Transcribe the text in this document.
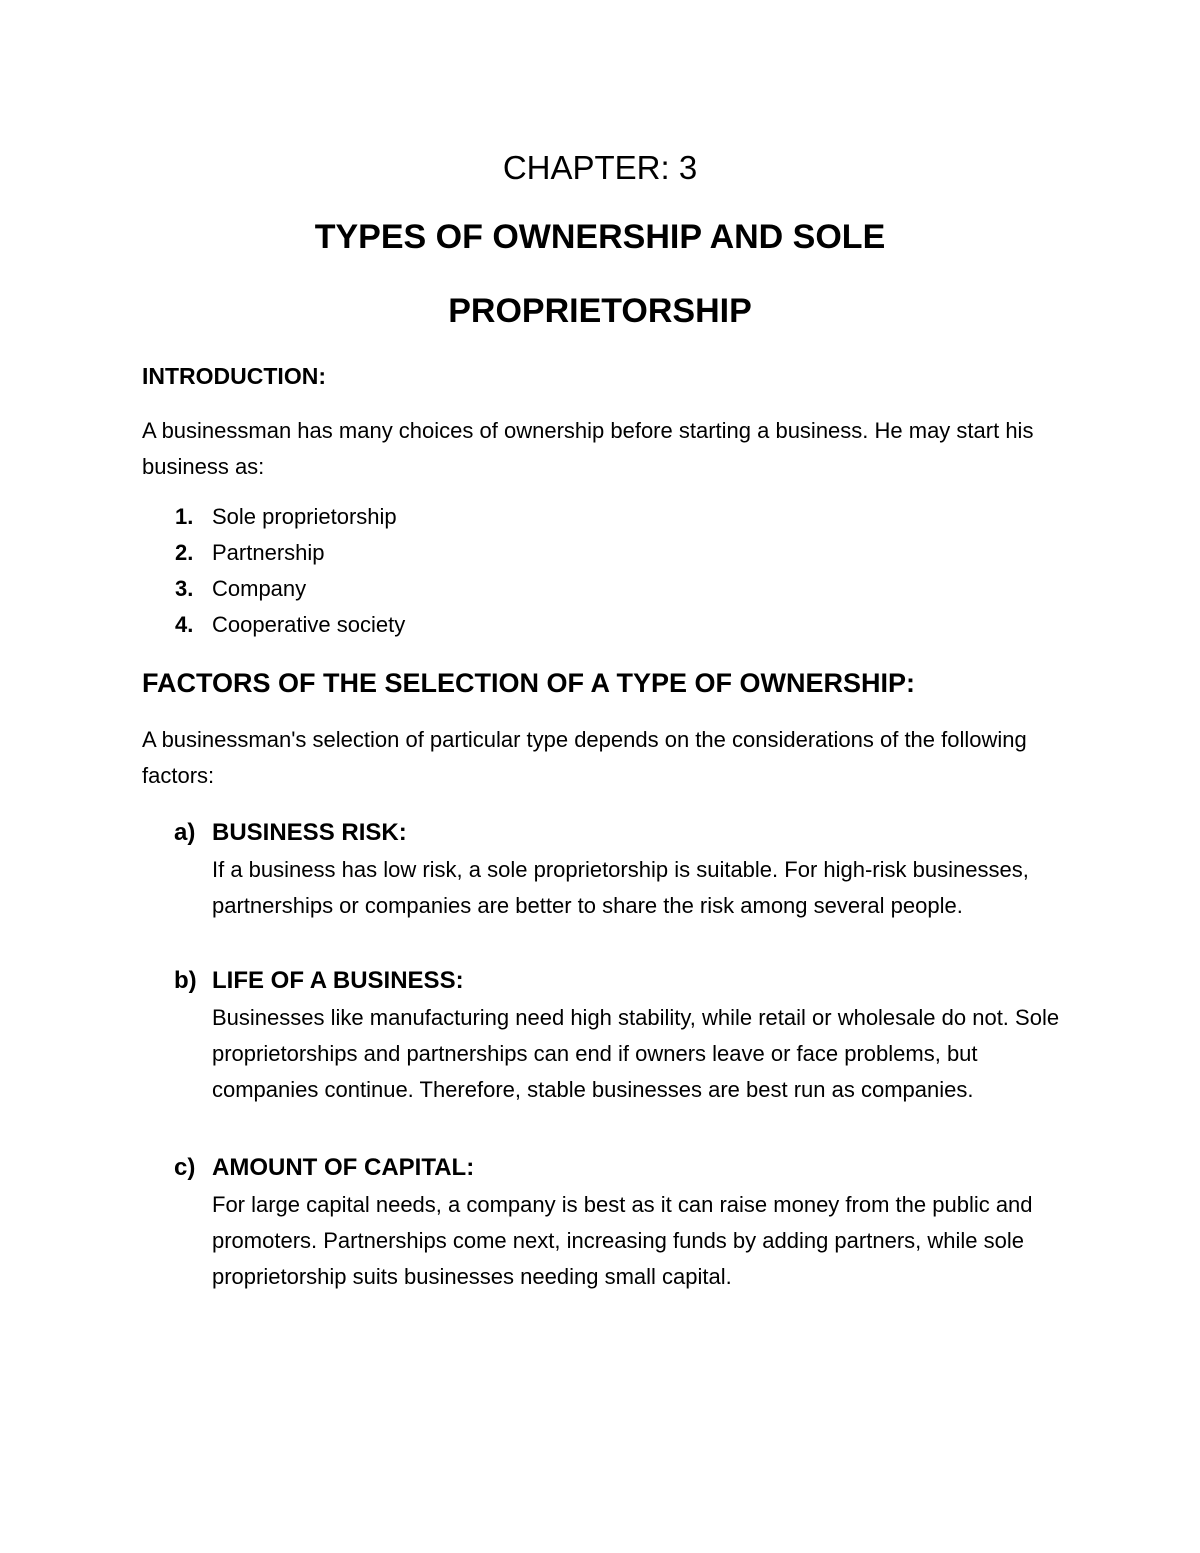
CHAPTER: 3
TYPES OF OWNERSHIP AND SOLE
PROPRIETORSHIP
INTRODUCTION:

A businessman has many choices of ownership before starting a business. He may start his business as:

1. Sole proprietorship
2. Partnership
3. Company
4. Cooperative society
FACTORS OF THE SELECTION OF A TYPE OF OWNERSHIP:

A businessman's selection of particular type depends on the considerations of the following factors:

a) BUSINESS RISK:

If a business has low risk, a sole proprietorship is suitable. For high-risk businesses, partnerships or companies are better to share the risk among several people.

b) LIFE OF A BUSINESS:

Businesses like manufacturing need high stability, while retail or wholesale do not. Sole proprietorships and partnerships can end if owners leave or face problems, but companies continue. Therefore, stable businesses are best run as companies.

c) AMOUNT OF CAPITAL:

For large capital needs, a company is best as it can raise money from the public and promoters. Partnerships come next, increasing funds by adding partners, while sole proprietorship suits businesses needing small capital.
